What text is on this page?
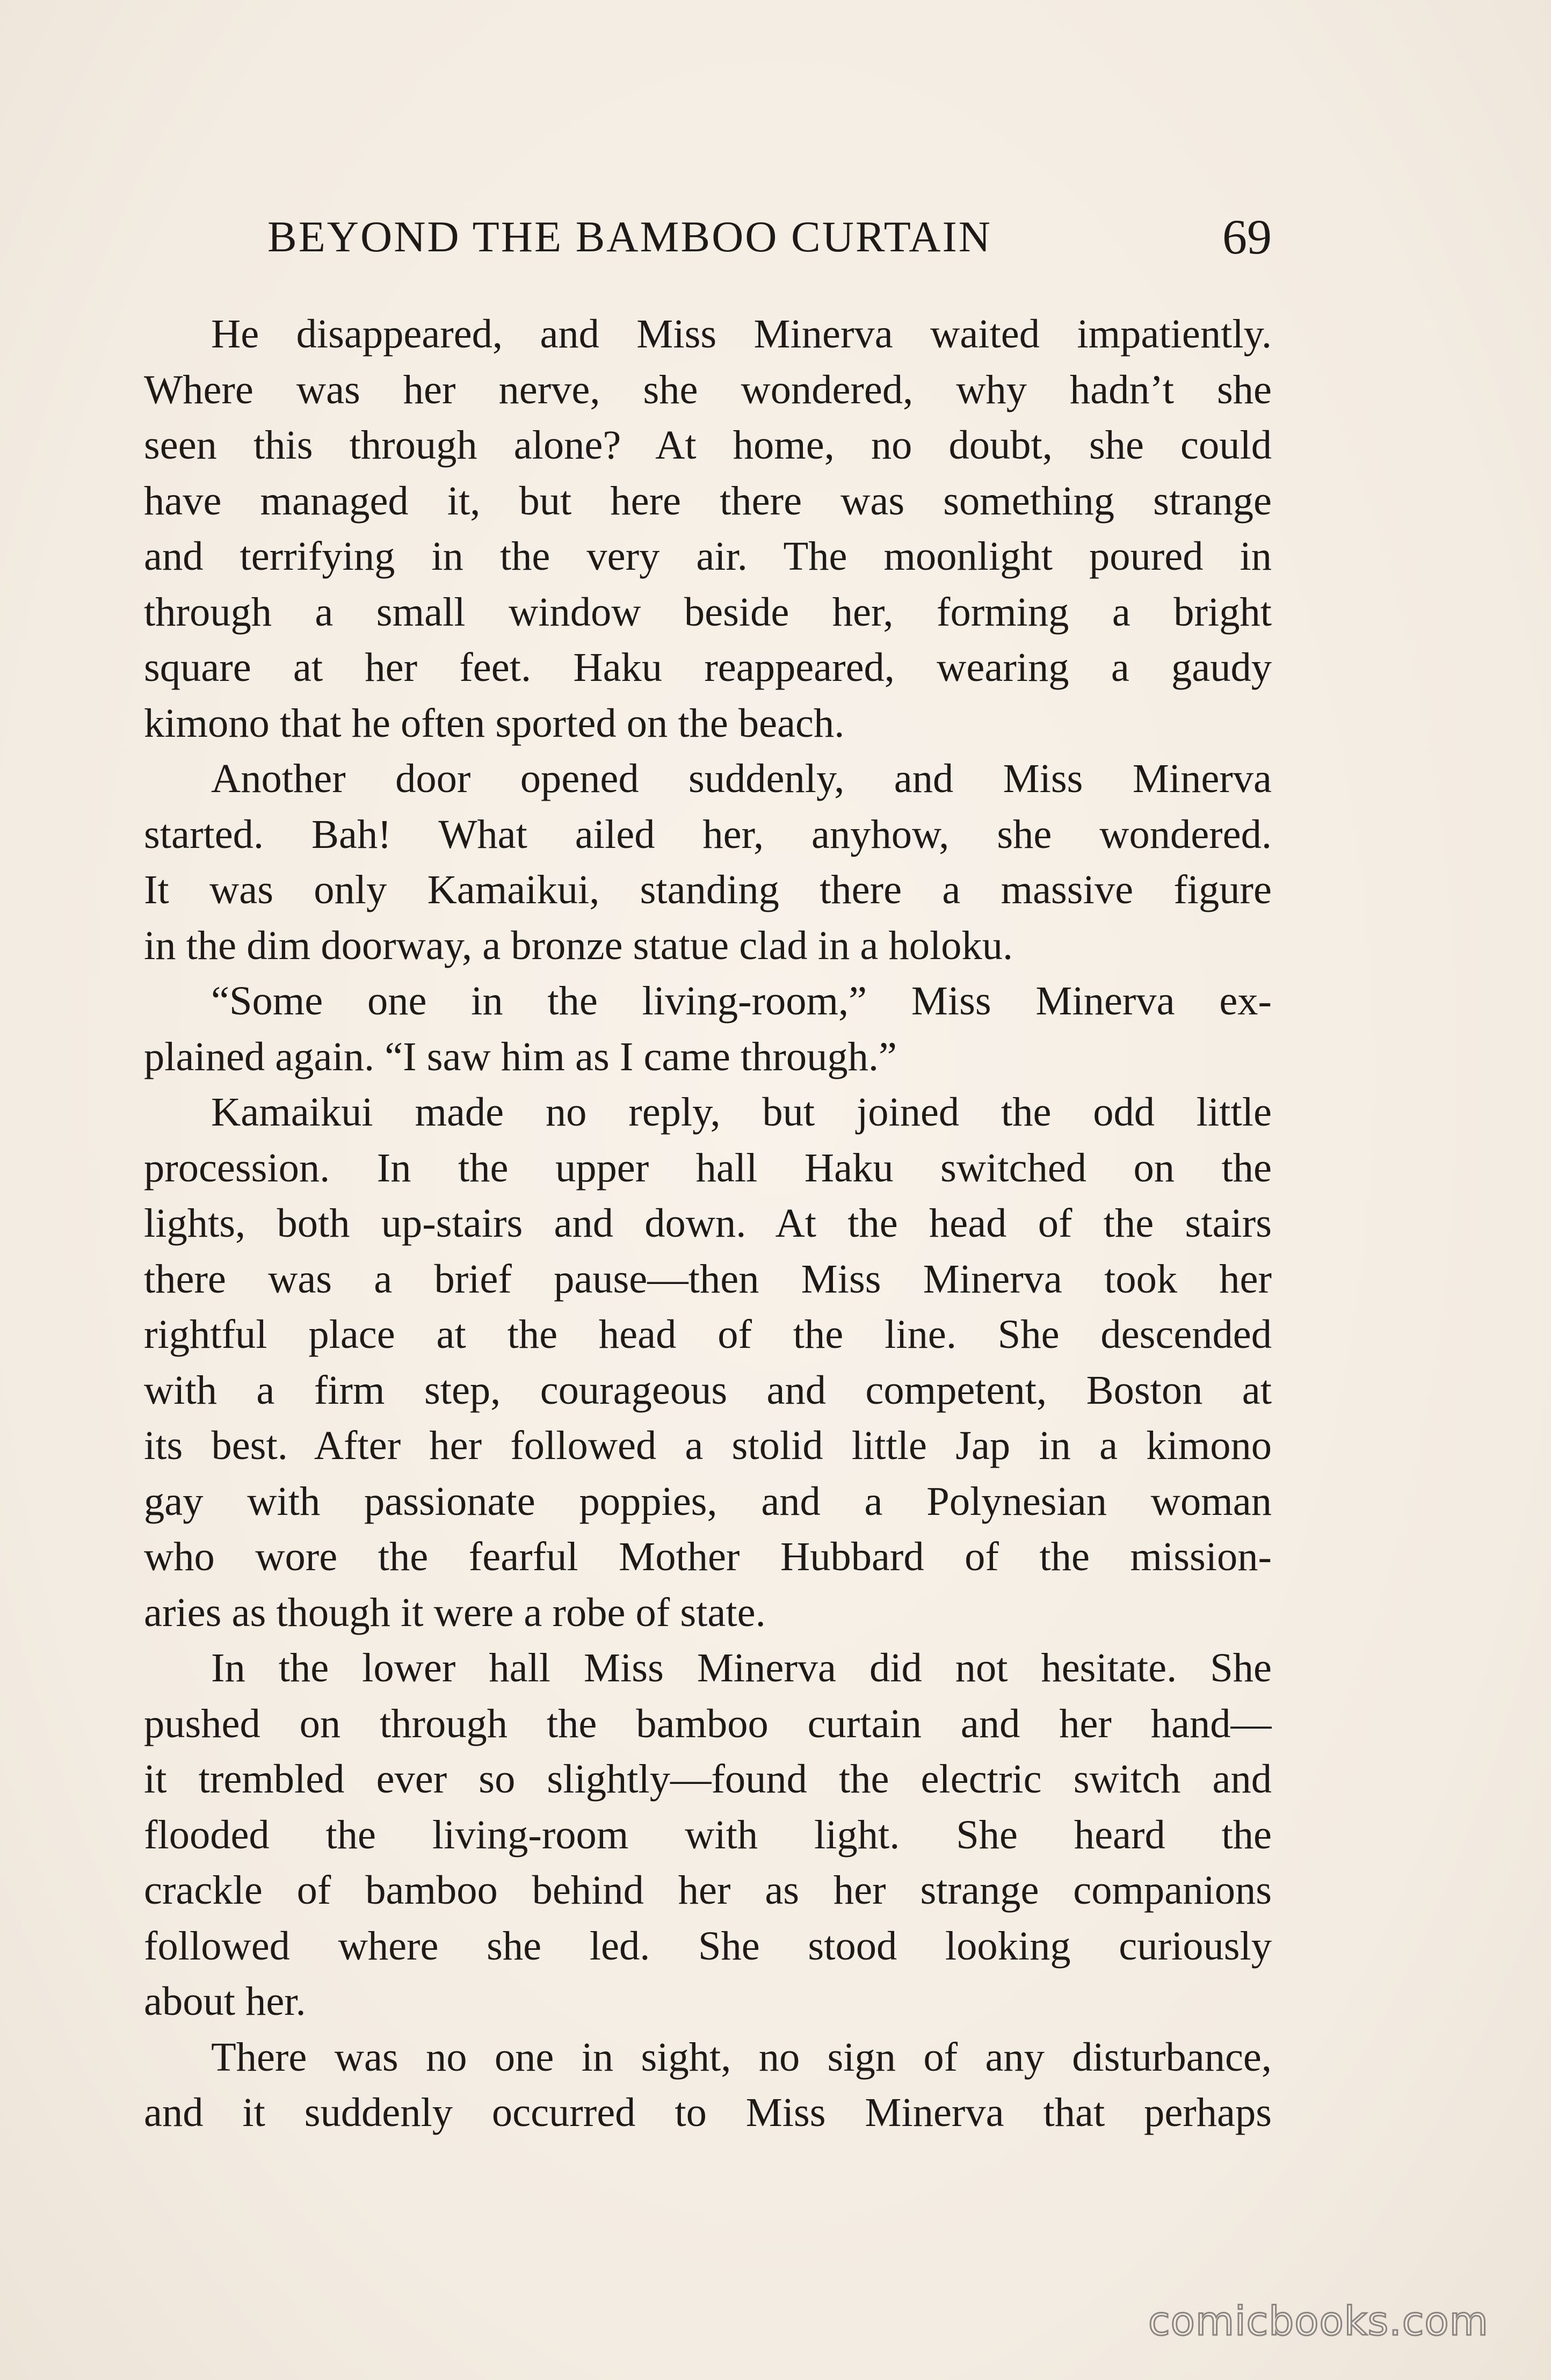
BEYOND THE BAMBOO CURTAIN	69
He disappeared, and Miss Minerva waited impatiently.
Where was her nerve, she wondered, why hadn’t she
seen this through alone? At home, no doubt, she could
have managed it, but here there was something strange
and terrifying in the very air. The moonlight poured in
through a small window beside her, forming a bright
square at her feet. Haku reappeared, wearing a gaudy
kimono that he often sported on the beach.
Another door opened suddenly, and Miss Minerva
started. Bah! What ailed her, anyhow, she wondered.
It was only Kamaikui, standing there a massive figure
in the dim doorway, a bronze statue clad in a holoku.
“Some one in the living-room,” Miss Minerva ex-
plained again. “I saw him as I came through.”
Kamaikui made no reply, but joined the odd little
procession. In the upper hall Haku switched on the
lights, both up-stairs and down. At the head of the stairs
there was a brief pause—then Miss Minerva took her
rightful place at the head of the line. She descended
with a firm step, courageous and competent, Boston at
its best. After her followed a stolid little Jap in a kimono
gay with passionate poppies, and a Polynesian woman
who wore the fearful Mother Hubbard of the mission-
aries as though it were a robe of state.
In the lower hall Miss Minerva did not hesitate. She
pushed on through the bamboo curtain and her hand—
it trembled ever so slightly—found the electric switch and
flooded the living-room with light. She heard the
crackle of bamboo behind her as her strange companions
followed where she led. She stood looking curiously
about her.
There was no one in sight, no sign of any disturbance,
and it suddenly occurred to Miss Minerva that perhaps
comicbooks.com
